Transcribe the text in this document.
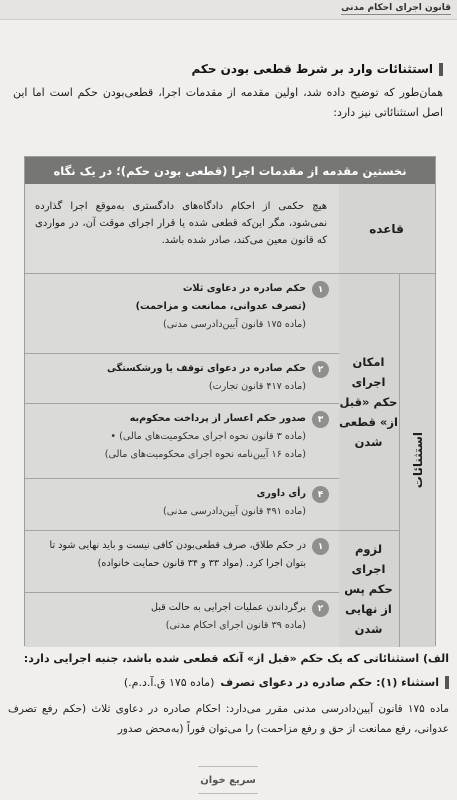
قانون اجرای احکام مدنی
استثنائات وارد بر شرط قطعی بودن حکم

همان‌طور که توضیح داده شد، اولین مقدمه از مقدمات اجرا، قطعی‌بودن حکم است اما این اصل استثنائاتی نیز دارد:

نخستین مقدمه از مقدمات اجرا (قطعی بودن حکم)؛ در یک نگاه
قاعده
هیچ حکمی از احکام دادگاه‌های دادگستری به‌موقع اجرا گذارده نمی‌شود، مگر این‌که قطعی شده یا قرار اجرای موقت آن، در مواردی که قانون معین می‌کند، صادر شده باشد.
استثنائات
امکان اجرای حکم «قبل از» قطعی شدن
۱
حکم صادره در دعاوی ثلاث
(تصرف عدوانی، ممانعت و مزاحمت)
(ماده ۱۷۵ قانون آیین‌دادرسی مدنی)
۲
حکم صادره در دعوای توقف یا ورشکستگی
(ماده ۴۱۷ قانون تجارت)
۳
صدور حکم اعسار از پرداخت محکوم‌به
(ماده ۳ قانون نحوه اجرای محکومیت‌های مالی) •
(ماده ۱۶ آیین‌نامه نحوه اجرای محکومیت‌های مالی)
۴
رأی داوری
(ماده ۴۹۱ قانون آیین‌دادرسی مدنی)
لزوم اجرای حکم پس از نهایی شدن
۱
در حکم طلاق، صرف قطعی‌بودن کافی نیست و باید نهایی شود تا بتوان اجرا کرد. (مواد ۳۳ و ۳۴ قانون حمایت خانواده)
۲
برگرداندن عملیات اجرایی به حالت قبل
(ماده ۳۹ قانون اجرای احکام مدنی)
الف) استثنائاتی که یک حکم «قبل از» آنکه قطعی شده باشد، جنبه اجرایی دارد:
استثناء (۱): حکم صادره در دعوای تصرف
(ماده ۱۷۵ ق.آ.د.م.)

ماده ۱۷۵ قانون آیین‌دادرسی مدنی مقرر می‌دارد: احکام صادره در دعاوی ثلاث (حکم رفع تصرف عدوانی، رفع ممانعت از حق و رفع مزاحمت) را می‌توان فوراً (به‌محض صدور

سریع خوان
